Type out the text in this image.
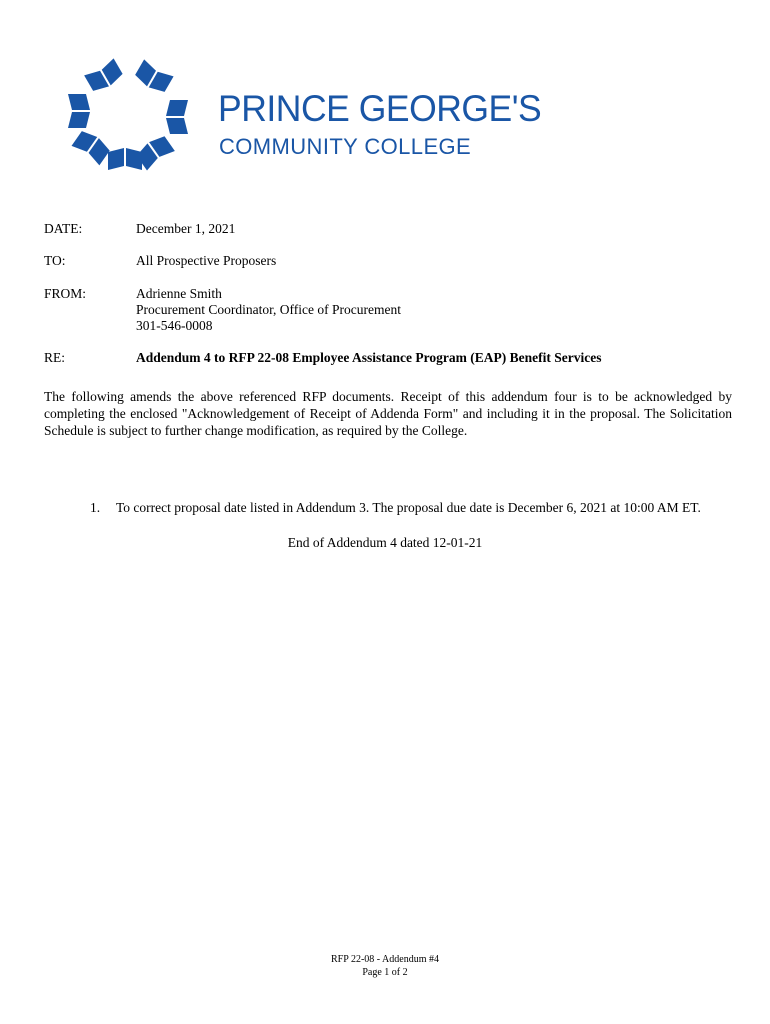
PRINCE GEORGE'S
COMMUNITY COLLEGE
DATE:	December 1, 2021
TO:	All Prospective Proposers
FROM:	Adrienne Smith
Procurement Coordinator, Office of Procurement
301-546-0008
RE:	Addendum 4 to RFP 22-08 Employee Assistance Program (EAP) Benefit Services
The following amends the above referenced RFP documents. Receipt of this addendum four is to be acknowledged by completing the enclosed "Acknowledgement of Receipt of Addenda Form" and including it in the proposal. The Solicitation Schedule is subject to further change modification, as required by the College.
1. To correct proposal date listed in Addendum 3. The proposal due date is December 6, 2021 at 10:00 AM ET.
End of Addendum 4 dated 12-01-21
RFP 22-08 - Addendum #4
Page 1 of 2
